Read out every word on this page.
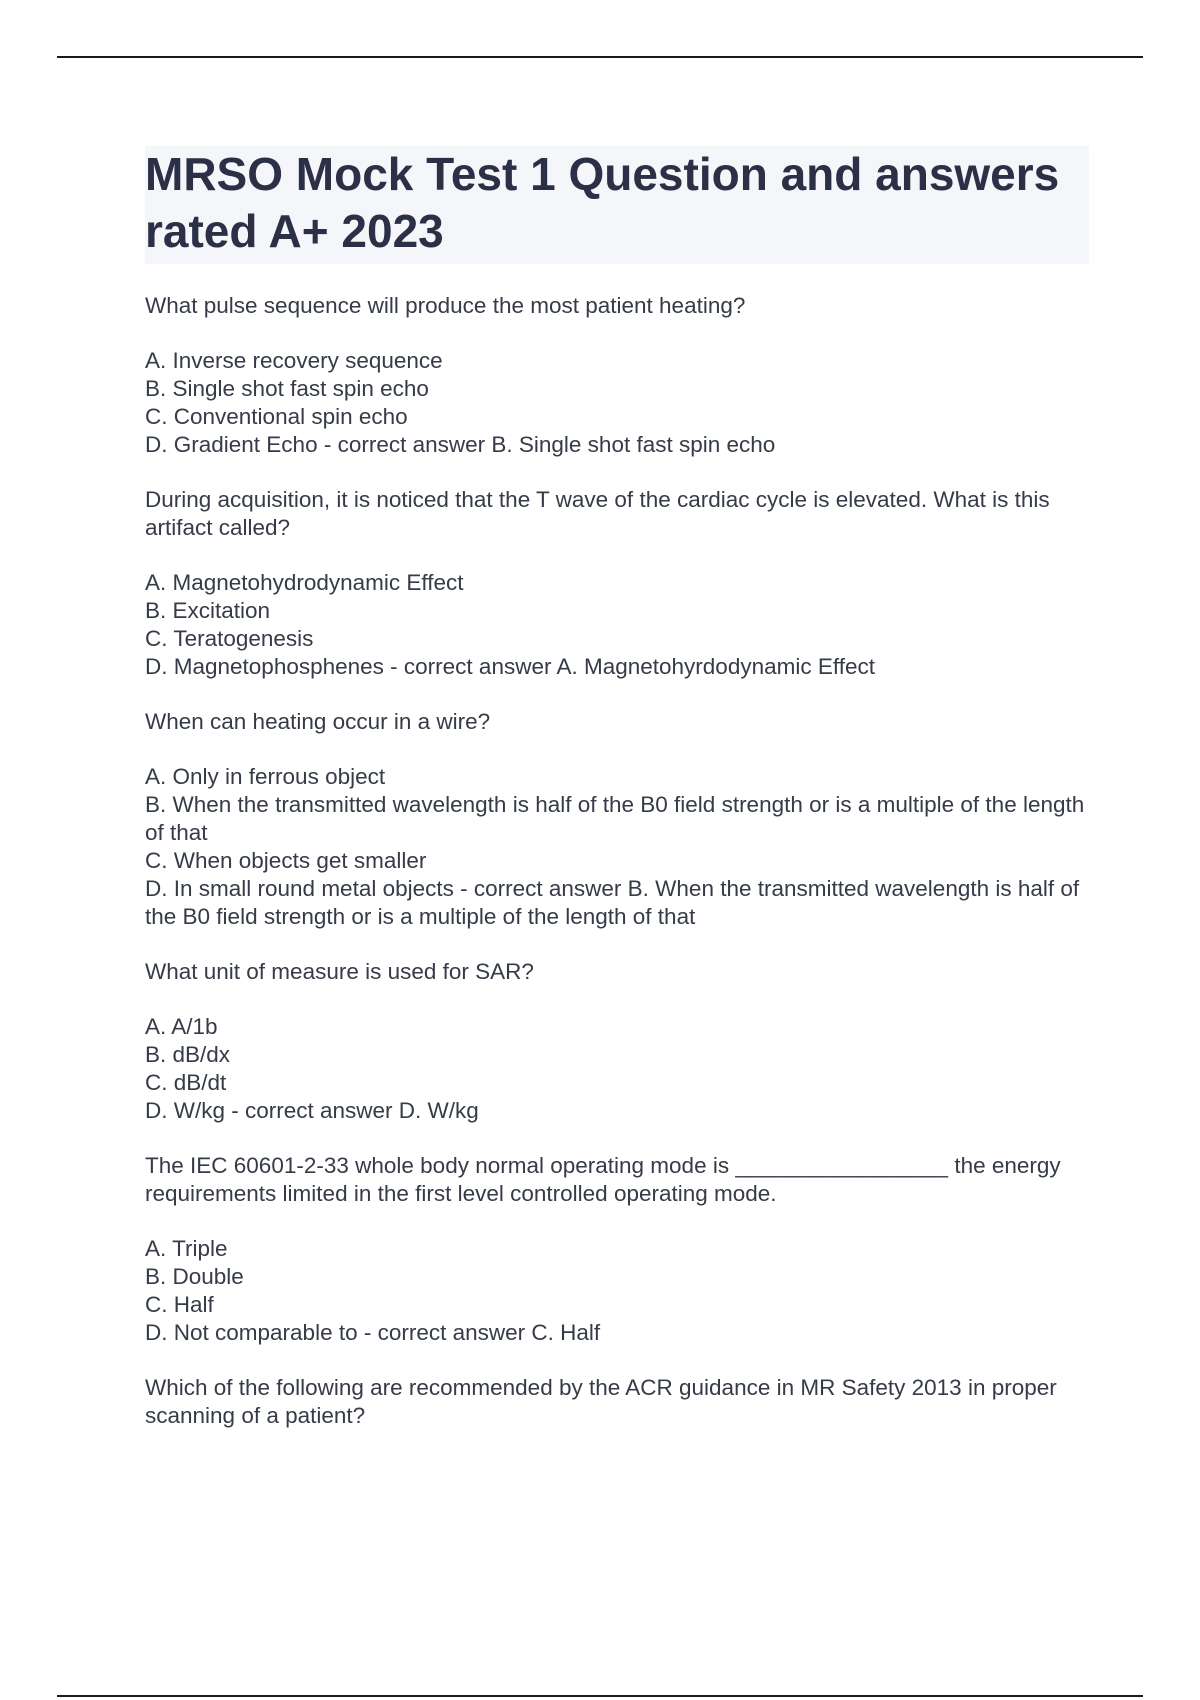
MRSO Mock Test 1 Question and answers rated A+ 2023

What pulse sequence will produce the most patient heating?

A. Inverse recovery sequence
B. Single shot fast spin echo
C. Conventional spin echo
D. Gradient Echo - correct answer B. Single shot fast spin echo

During acquisition, it is noticed that the T wave of the cardiac cycle is elevated. What is this artifact called?

A. Magnetohydrodynamic Effect
B. Excitation
C. Teratogenesis
D. Magnetophosphenes - correct answer A. Magnetohyrdodynamic Effect

When can heating occur in a wire?

A. Only in ferrous object
B. When the transmitted wavelength is half of the B0 field strength or is a multiple of the length of that
C. When objects get smaller
D. In small round metal objects - correct answer B. When the transmitted wavelength is half of the B0 field strength or is a multiple of the length of that

What unit of measure is used for SAR?

A. A/1b
B. dB/dx
C. dB/dt
D. W/kg - correct answer D. W/kg

The IEC 60601-2-33 whole body normal operating mode is _________________ the energy requirements limited in the first level controlled operating mode.

A. Triple
B. Double
C. Half
D. Not comparable to - correct answer C. Half

Which of the following are recommended by the ACR guidance in MR Safety 2013 in proper scanning of a patient?
